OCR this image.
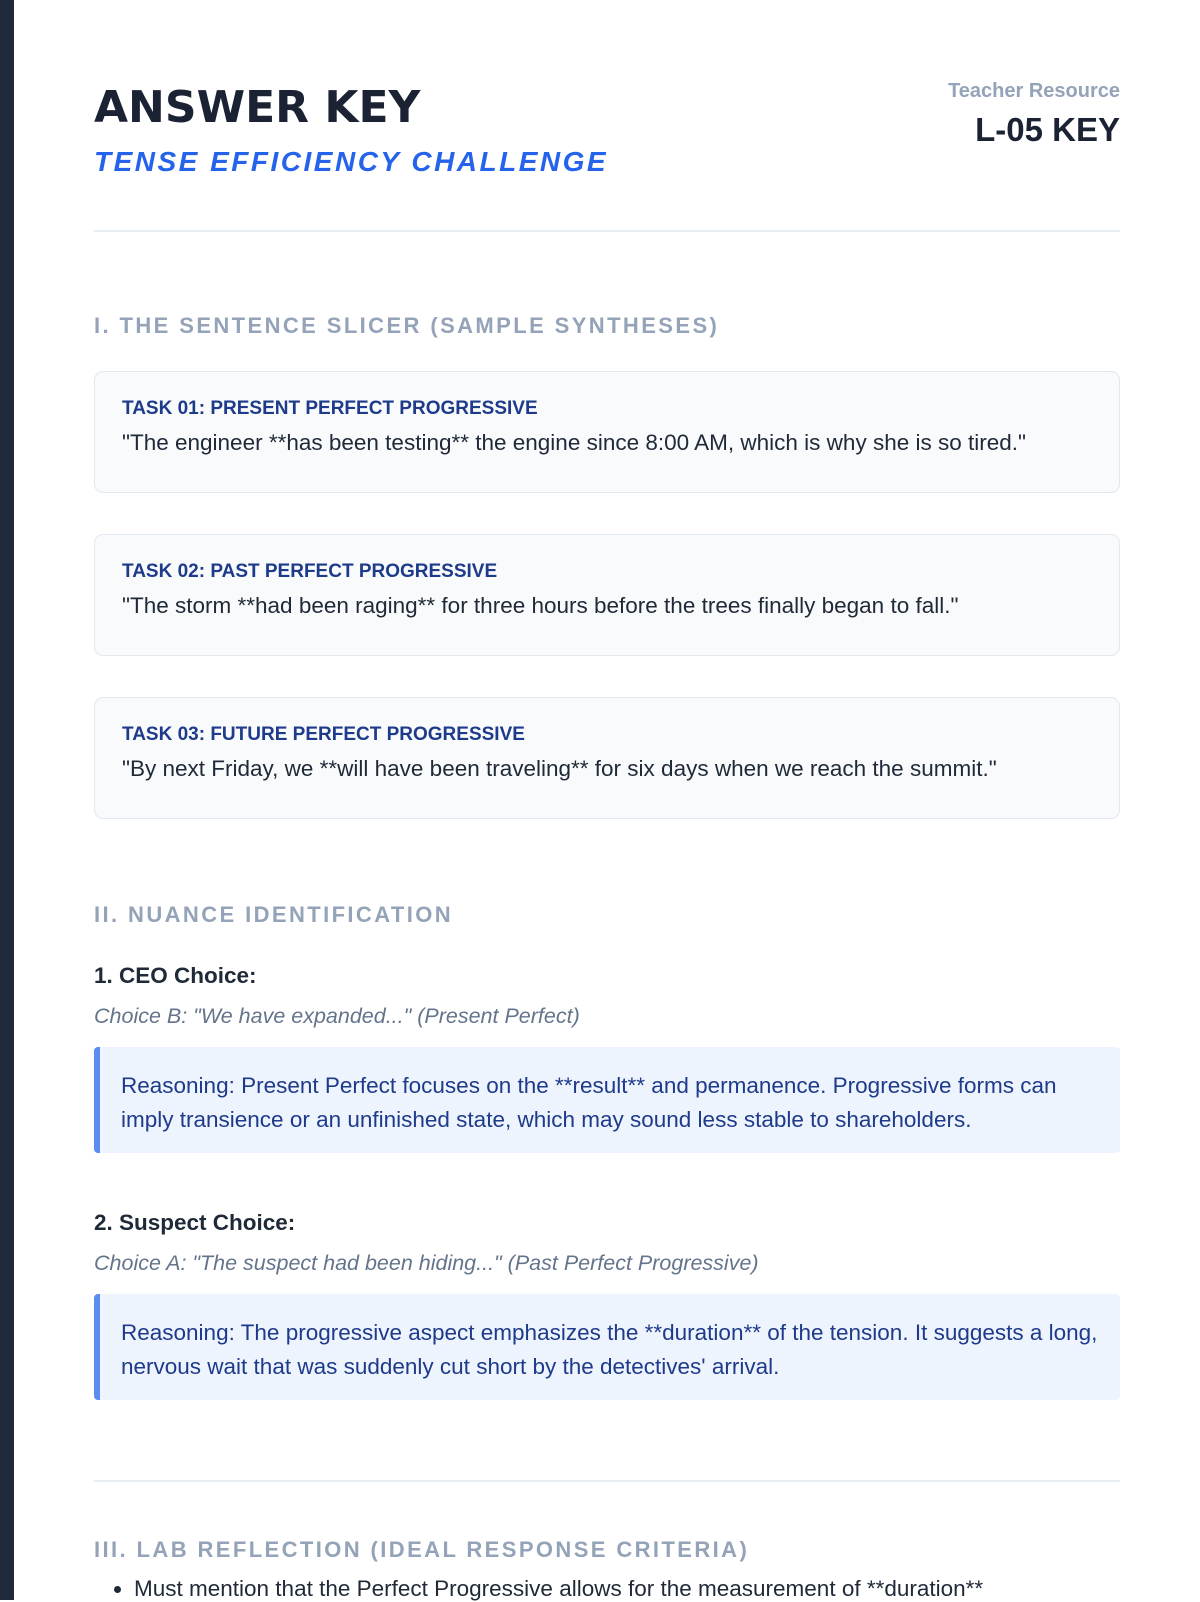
ANSWER KEY
TENSE EFFICIENCY CHALLENGE
Teacher Resource
L-05 KEY
I. THE SENTENCE SLICER (SAMPLE SYNTHESES)
TASK 01: PRESENT PERFECT PROGRESSIVE
"The engineer **has been testing** the engine since 8:00 AM, which is why she is so tired."
TASK 02: PAST PERFECT PROGRESSIVE
"The storm **had been raging** for three hours before the trees finally began to fall."
TASK 03: FUTURE PERFECT PROGRESSIVE
"By next Friday, we **will have been traveling** for six days when we reach the summit."
II. NUANCE IDENTIFICATION
1. CEO Choice:
Choice B: "We have expanded..." (Present Perfect)
Reasoning: Present Perfect focuses on the **result** and permanence. Progressive forms can imply transience or an unfinished state, which may sound less stable to shareholders.
2. Suspect Choice:
Choice A: "The suspect had been hiding..." (Past Perfect Progressive)
Reasoning: The progressive aspect emphasizes the **duration** of the tension. It suggests a long, nervous wait that was suddenly cut short by the detectives' arrival.
III. LAB REFLECTION (IDEAL RESPONSE CRITERIA)
• Must mention that the Perfect Progressive allows for the measurement of **duration**
